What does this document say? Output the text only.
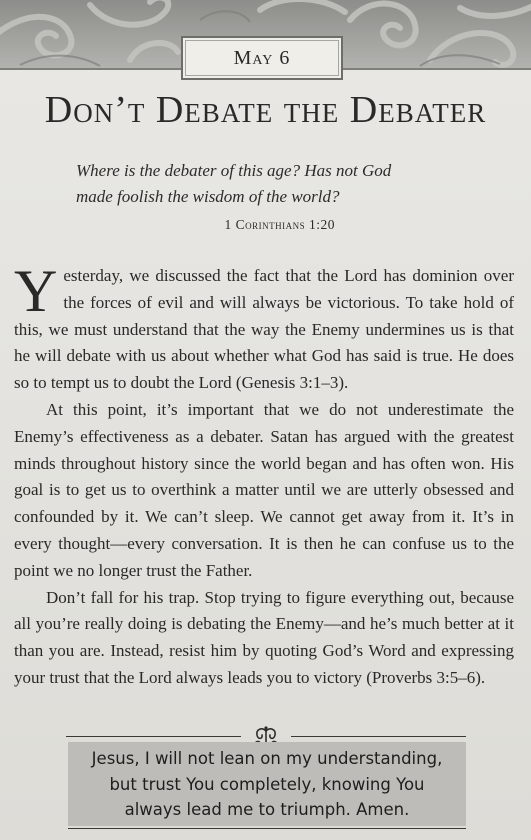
May 6
Don’t Debate the Debater
Where is the debater of this age? Has not God
made foolish the wisdom of the world?
1 Corinthians 1:20

Yesterday, we discussed the fact that the Lord has dominion over the forces of evil and will always be victorious. To take hold of this, we must understand that the way the Enemy undermines us is that he will debate with us about whether what God has said is true. He does so to tempt us to doubt the Lord (Genesis 3:1–3).

At this point, it’s important that we do not underestimate the Enemy’s effectiveness as a debater. Satan has argued with the greatest minds throughout history since the world began and has often won. His goal is to get us to overthink a matter until we are utterly obsessed and confounded by it. We can’t sleep. We cannot get away from it. It’s in every thought—every conversation. It is then he can confuse us to the point we no longer trust the Father.

Don’t fall for his trap. Stop trying to figure everything out, because all you’re really doing is debating the Enemy—and he’s much better at it than you are. Instead, resist him by quoting God’s Word and expressing your trust that the Lord always leads you to victory (Proverbs 3:5–6).

Jesus, I will not lean on my understanding,
but trust You completely, knowing You
always lead me to triumph. Amen.
